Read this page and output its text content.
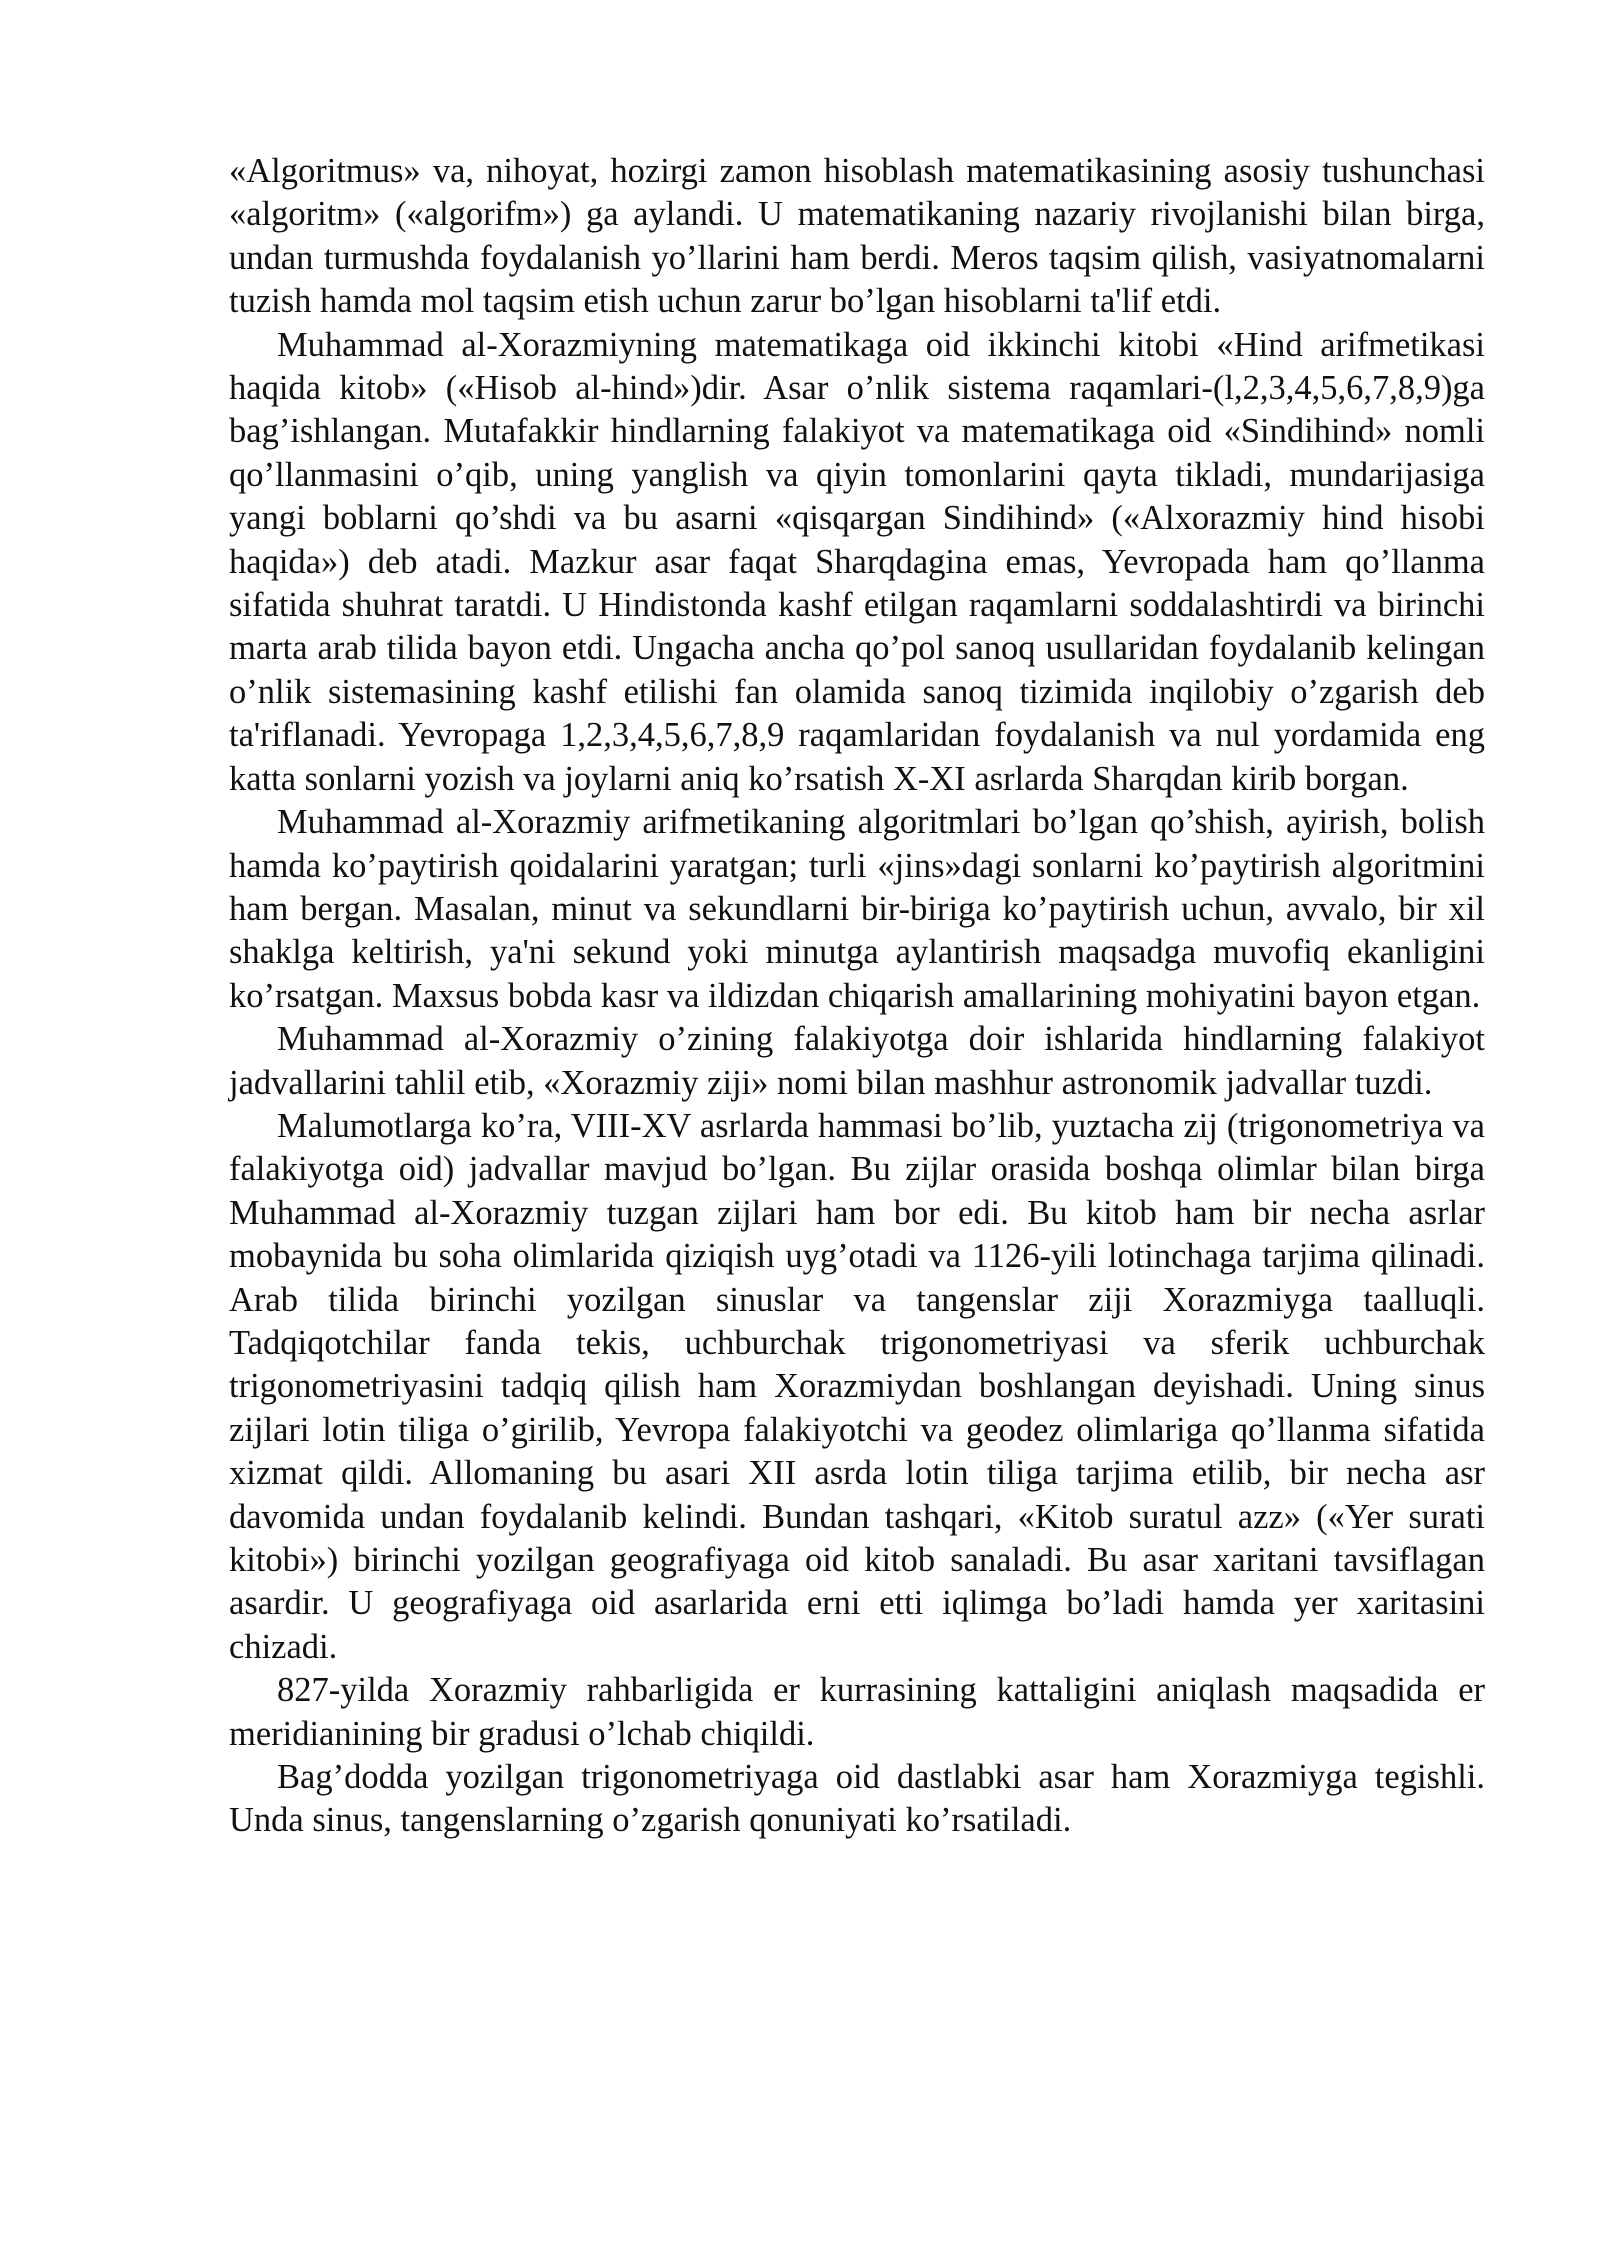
«Algoritmus» va, nihoyat, hozirgi zamon hisoblash matematikasining asosiy tushunchasi «algoritm» («algorifm») ga aylandi. U matematikaning nazariy rivojlanishi bilan birga, undan turmushda foydalanish yo’llarini ham berdi. Meros taqsim qilish, vasiyatnomalarni tuzish hamda mol taqsim etish uchun zarur bo’lgan hisoblarni ta'lif etdi.

Muhammad al-Xorazmiyning matematikaga oid ikkinchi kitobi «Hind arifmetikasi haqida kitob» («Hisob al-hind»)dir. Asar o’nlik sistema raqamlari-(l,2,3,4,5,6,7,8,9)ga bag’ishlangan. Mutafakkir hindlarning falakiyot va matematikaga oid «Sindihind» nomli qo’llanmasini o’qib, uning yanglish va qiyin tomonlarini qayta tikladi, mundarijasiga yangi boblarni qo’shdi va bu asarni «qisqargan Sindihind» («Alxorazmiy hind hisobi haqida») deb atadi. Mazkur asar faqat Sharqdagina emas, Yevropada ham qo’llanma sifatida shuhrat taratdi. U Hindistonda kashf etilgan raqamlarni soddalashtirdi va birinchi marta arab tilida bayon etdi. Ungacha ancha qo’pol sanoq usullaridan foydalanib kelingan o’nlik sistemasining kashf etilishi fan olamida sanoq tizimida inqilobiy o’zgarish deb ta'riflanadi. Yevropaga 1,2,3,4,5,6,7,8,9 raqamlaridan foydalanish va nul yordamida eng katta sonlarni yozish va joylarni aniq ko’rsatish X-XI asrlarda Sharqdan kirib borgan.

Muhammad al-Xorazmiy arifmetikaning algoritmlari bo’lgan qo’shish, ayirish, bolish hamda ko’paytirish qoidalarini yaratgan; turli «jins»dagi sonlarni ko’paytirish algoritmini ham bergan. Masalan, minut va sekundlarni bir-biriga ko’paytirish uchun, avvalo, bir xil shaklga keltirish, ya'ni sekund yoki minutga aylantirish maqsadga muvofiq ekanligini ko’rsatgan. Maxsus bobda kasr va ildizdan chiqarish amallarining mohiyatini bayon etgan.

Muhammad al-Xorazmiy o’zining falakiyotga doir ishlarida hindlarning falakiyot jadvallarini tahlil etib, «Xorazmiy ziji» nomi bilan mashhur astronomik jadvallar tuzdi.

Malumotlarga ko’ra, VIII-XV asrlarda hammasi bo’lib, yuztacha zij (trigonometriya va falakiyotga oid) jadvallar mavjud bo’lgan. Bu zijlar orasida boshqa olimlar bilan birga Muhammad al-Xorazmiy tuzgan zijlari ham bor edi. Bu kitob ham bir necha asrlar mobaynida bu soha olimlarida qiziqish uyg’otadi va 1126-yili lotinchaga tarjima qilinadi. Arab tilida birinchi yozilgan sinuslar va tangenslar ziji Xorazmiyga taalluqli. Tadqiqotchilar fanda tekis, uchburchak trigonometriyasi va sferik uchburchak trigonometriyasini tadqiq qilish ham Xorazmiydan boshlangan deyishadi. Uning sinus zijlari lotin tiliga o’girilib, Yevropa falakiyotchi va geodez olimlariga qo’llanma sifatida xizmat qildi. Allomaning bu asari XII asrda lotin tiliga tarjima etilib, bir necha asr davomida undan foydalanib kelindi. Bundan tashqari, «Kitob suratul azz» («Yer surati kitobi») birinchi yozilgan geografiyaga oid kitob sanaladi. Bu asar xaritani tavsiflagan asardir. U geografiyaga oid asarlarida erni etti iqlimga bo’ladi hamda yer xaritasini chizadi.

827-yilda Xorazmiy rahbarligida er kurrasining kattaligini aniqlash maqsadida er meridianining bir gradusi o’lchab chiqildi.

Bag’dodda yozilgan trigonometriyaga oid dastlabki asar ham Xorazmiyga tegishli. Unda sinus, tangenslarning o’zgarish qonuniyati ko’rsatiladi.
